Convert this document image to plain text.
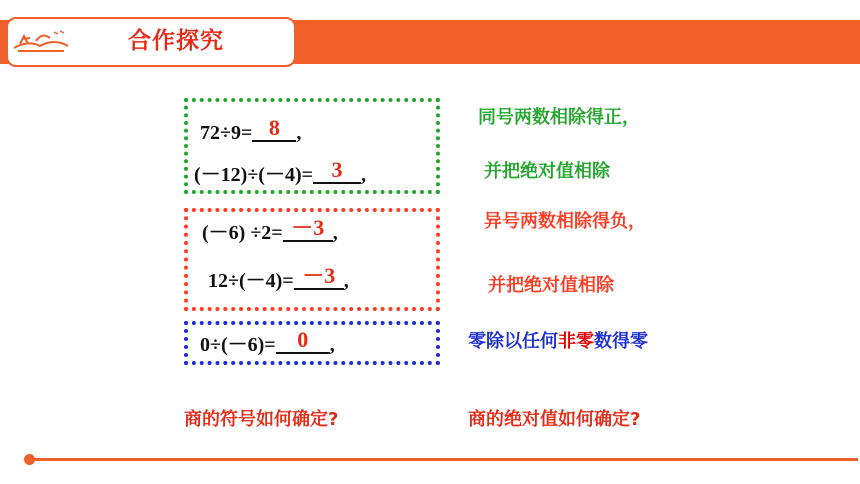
合作探究
72÷9= 8 ,
(－12)÷(－4)= 3 ,
(－6) ÷2= －3 ,
12÷(－4)= －3 ,
0÷(－6)= 0 ,
同号两数相除得正，
并把绝对值相除
异号两数相除得负，
并把绝对值相除
零除以任何非零数得零
商的符号如何确定?	商的绝对值如何确定?
